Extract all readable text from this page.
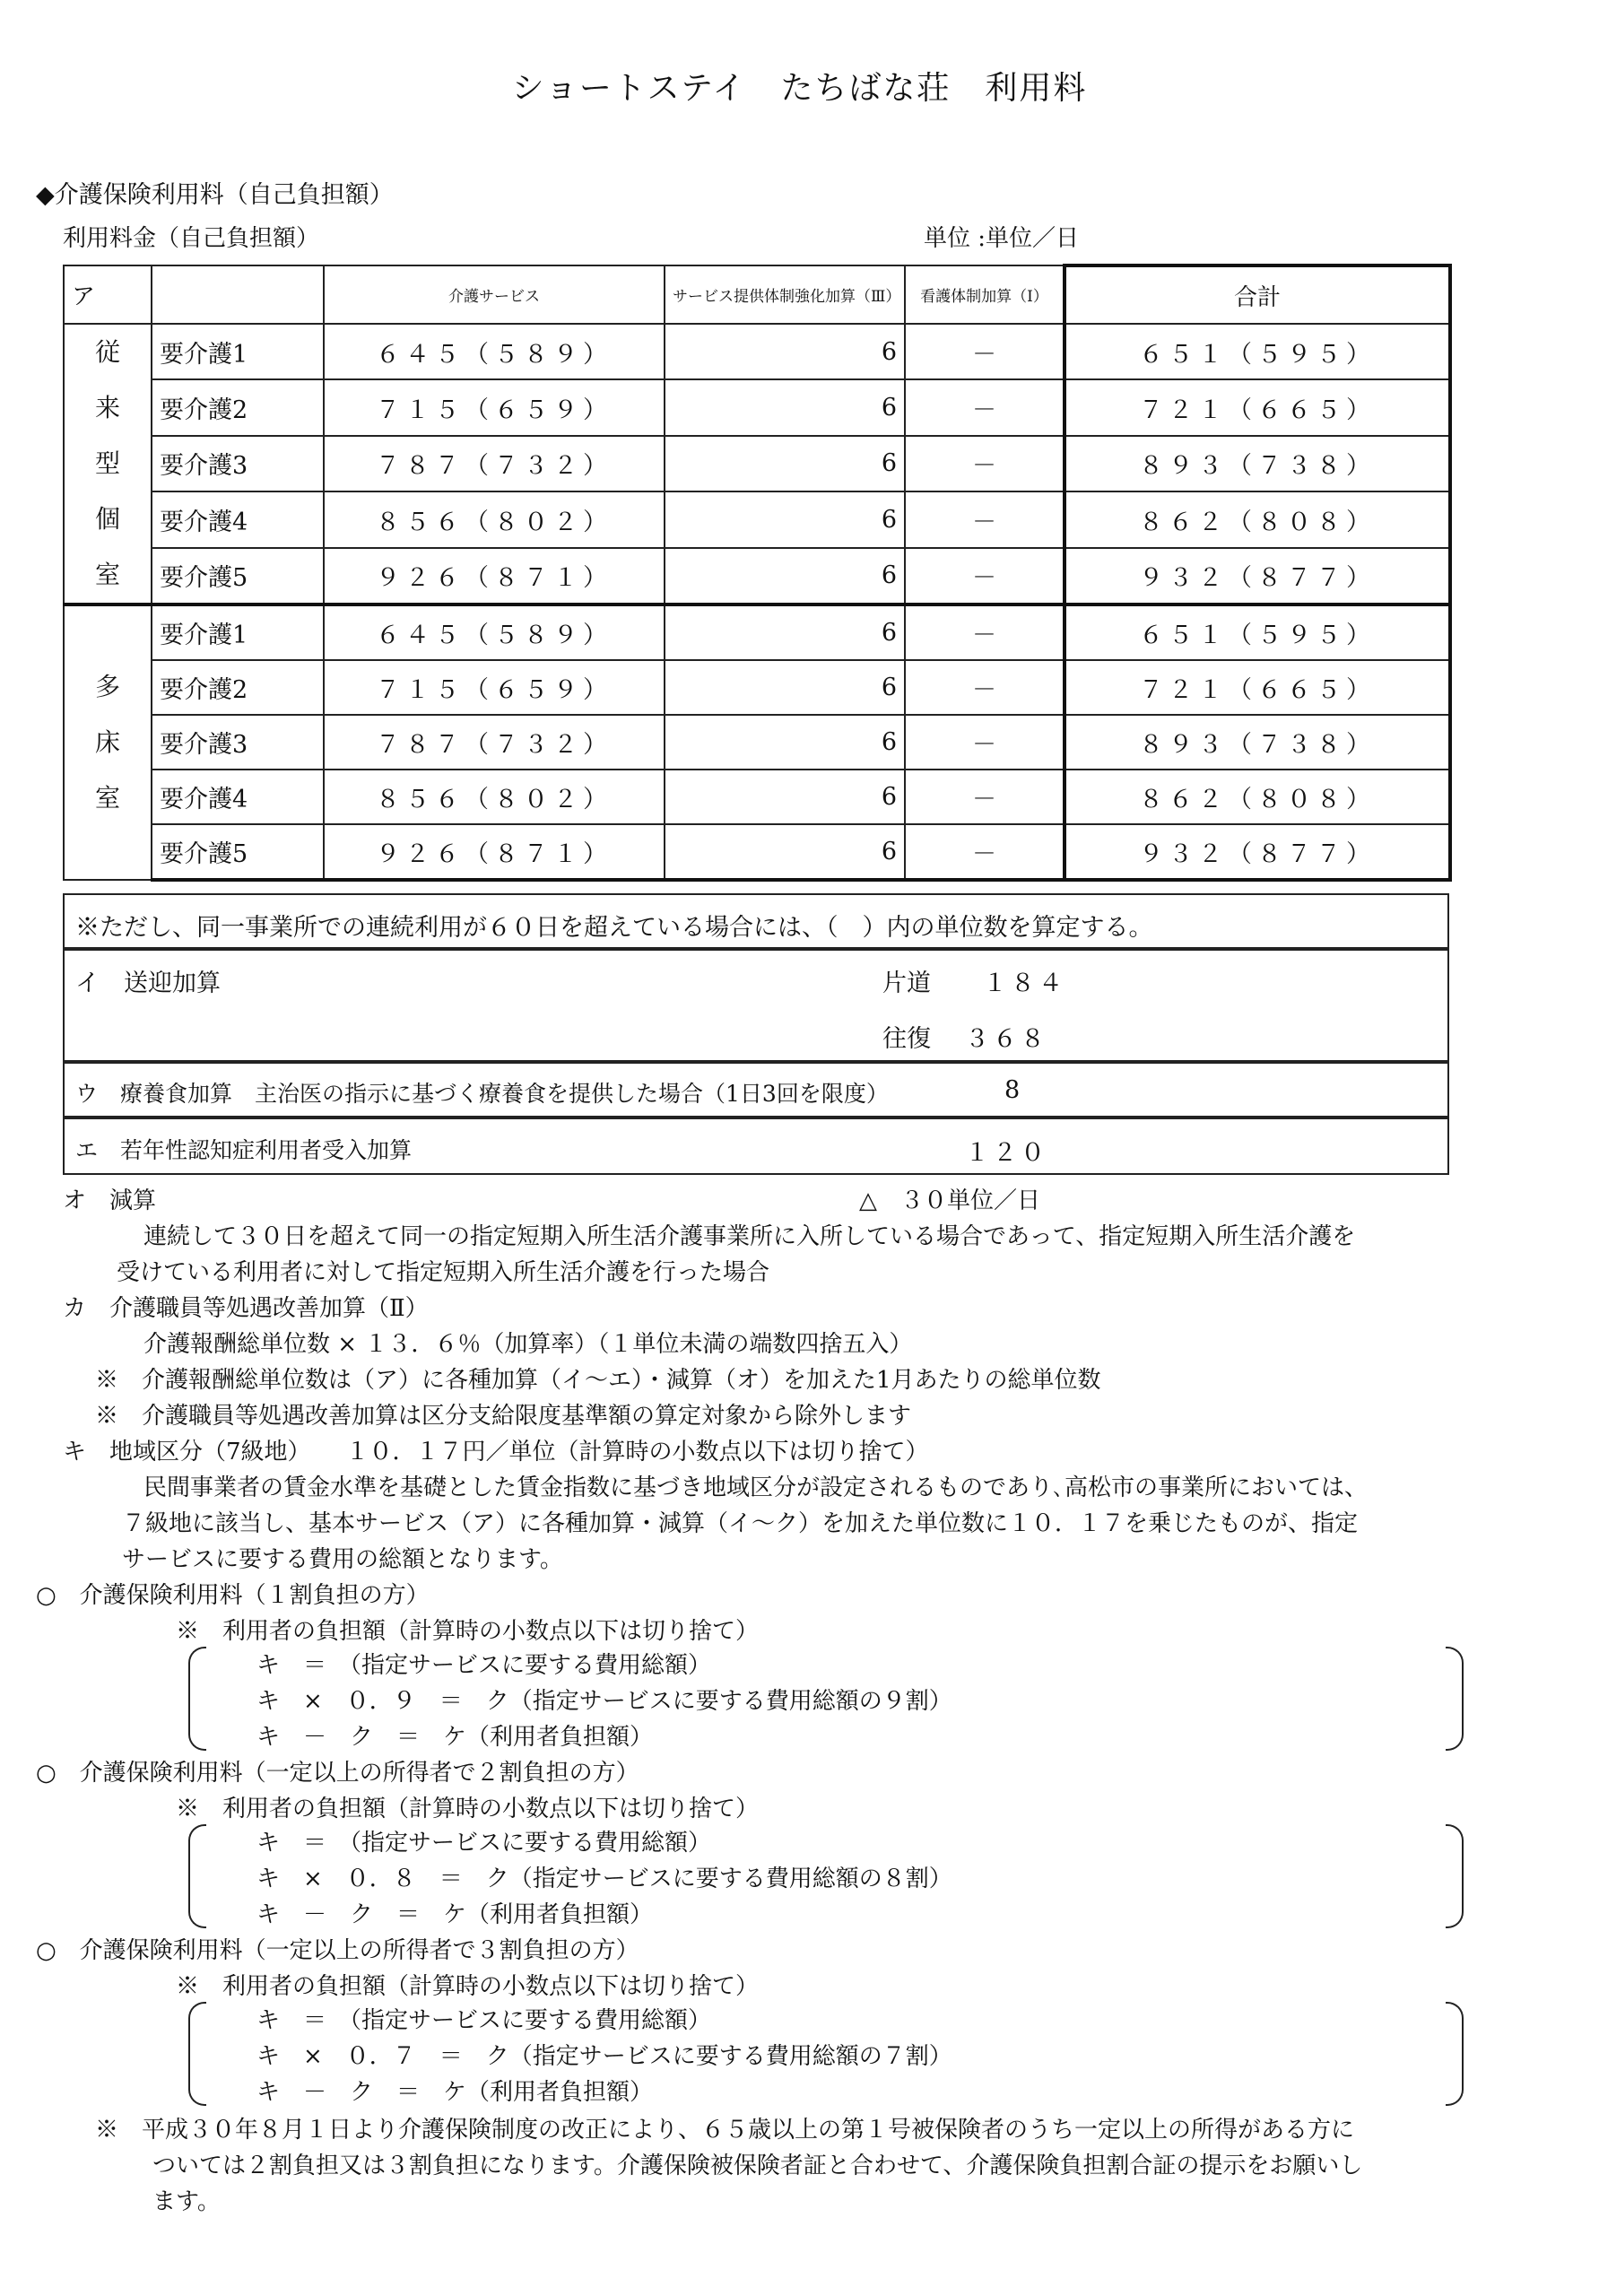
ショートステイ　たちばな荘　利用料
◆介護保険利用料（自己負担額）
利用料金（自己負担額）	単位 :単位／日
ア		介護サービス	サービス提供体制強化加算（Ⅲ）	看護体制加算（Ⅰ）	合計

従
来
型
個
室	要介護1	６４５（５８９）	6	－	６５１（５９５）
	要介護2	７１５（６５９）	6	－	７２１（６６５）
	要介護3	７８７（７３２）	6	－	８９３（７３８）
	要介護4	８５６（８０２）	6	－	８６２（８０８）
	要介護5	９２６（８７１）	6	－	９３２（８７７）

多
床
室	要介護1	６４５（５８９）	6	－	６５１（５９５）
	要介護2	７１５（６５９）	6	－	７２１（６６５）
	要介護3	７８７（７３２）	6	－	８９３（７３８）
	要介護4	８５６（８０２）	6	－	８６２（８０８）
	要介護5	９２６（８７１）	6	－	９３２（８７７）
※ただし、同一事業所での連続利用が６０日を超えている場合には、（　）内の単位数を算定する。
イ　送迎加算	片道 １８４
往復 ３６８
ウ　療養食加算　主治医の指示に基づく療養食を提供した場合（1日3回を限度）	8
エ　若年性認知症利用者受入加算	１２０
オ　減算	△　３０単位／日
連続して３０日を超えて同一の指定短期入所生活介護事業所に入所している場合であって、指定短期入所生活介護を
受けている利用者に対して指定短期入所生活介護を行った場合
カ　介護職員等処遇改善加算（Ⅱ）
介護報酬総単位数 × １３．６％（加算率）（１単位未満の端数四捨五入）
※　介護報酬総単位数は（ア）に各種加算（イ～エ）・減算（オ）を加えた1月あたりの総単位数
※　介護職員等処遇改善加算は区分支給限度基準額の算定対象から除外します
キ　地域区分（7級地）　　１０．１７円／単位（計算時の小数点以下は切り捨て）
民間事業者の賃金水準を基礎とした賃金指数に基づき地域区分が設定されるものであり､高松市の事業所においては、
７級地に該当し、基本サービス（ア）に各種加算・減算（イ～ク）を加えた単位数に１０．１７を乗じたものが、指定
サービスに要する費用の総額となります。
○　介護保険利用料（１割負担の方）
※　利用者の負担額（計算時の小数点以下は切り捨て）
キ　＝　（指定サービスに要する費用総額）
キ　×　０．９　＝　ク（指定サービスに要する費用総額の９割）
キ　－　ク　＝　ケ（利用者負担額）
○　介護保険利用料（一定以上の所得者で２割負担の方）
※　利用者の負担額（計算時の小数点以下は切り捨て）
キ　＝　（指定サービスに要する費用総額）
キ　×　０．８　＝　ク（指定サービスに要する費用総額の８割）
キ　－　ク　＝　ケ（利用者負担額）
○　介護保険利用料（一定以上の所得者で３割負担の方）
※　利用者の負担額（計算時の小数点以下は切り捨て）
キ　＝　（指定サービスに要する費用総額）
キ　×　０．７　＝　ク（指定サービスに要する費用総額の７割）
キ　－　ク　＝　ケ（利用者負担額）
※　平成３０年８月１日より介護保険制度の改正により、６５歳以上の第１号被保険者のうち一定以上の所得がある方に
ついては２割負担又は３割負担になります。介護保険被保険者証と合わせて、介護保険負担割合証の提示をお願いし
ます。
